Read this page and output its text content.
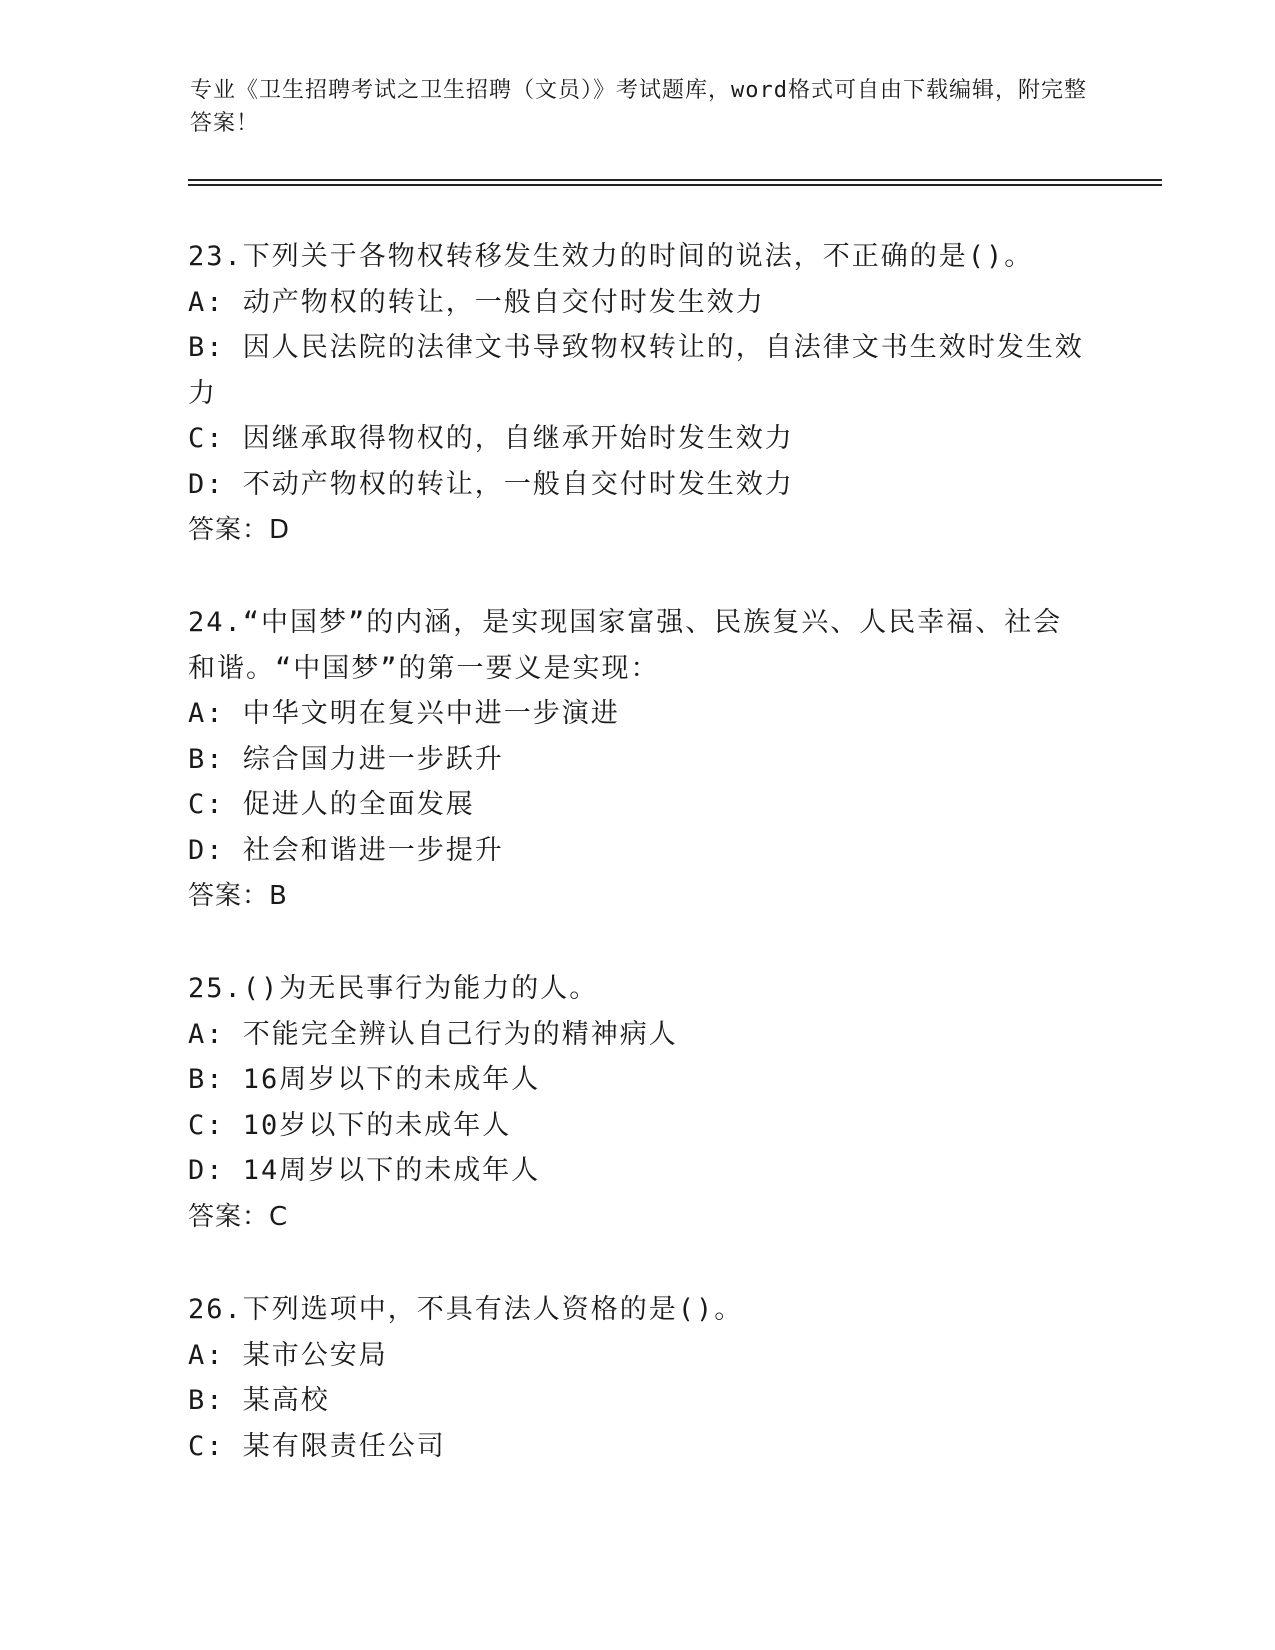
专业《卫生招聘考试之卫生招聘（文员）》考试题库，word格式可自由下载编辑，附完整答案！
23.下列关于各物权转移发生效力的时间的说法，不正确的是()。
A: 动产物权的转让，一般自交付时发生效力
B: 因人民法院的法律文书导致物权转让的，自法律文书生效时发生效力
C: 因继承取得物权的，自继承开始时发生效力
D: 不动产物权的转让，一般自交付时发生效力
答案：D
24.“中国梦”的内涵，是实现国家富强、民族复兴、人民幸福、社会和谐。“中国梦”的第一要义是实现：
A: 中华文明在复兴中进一步演进
B: 综合国力进一步跃升
C: 促进人的全面发展
D: 社会和谐进一步提升
答案：B
25.()为无民事行为能力的人。
A: 不能完全辨认自己行为的精神病人
B: 16周岁以下的未成年人
C: 10岁以下的未成年人
D: 14周岁以下的未成年人
答案：C
26.下列选项中，不具有法人资格的是()。
A: 某市公安局
B: 某高校
C: 某有限责任公司
